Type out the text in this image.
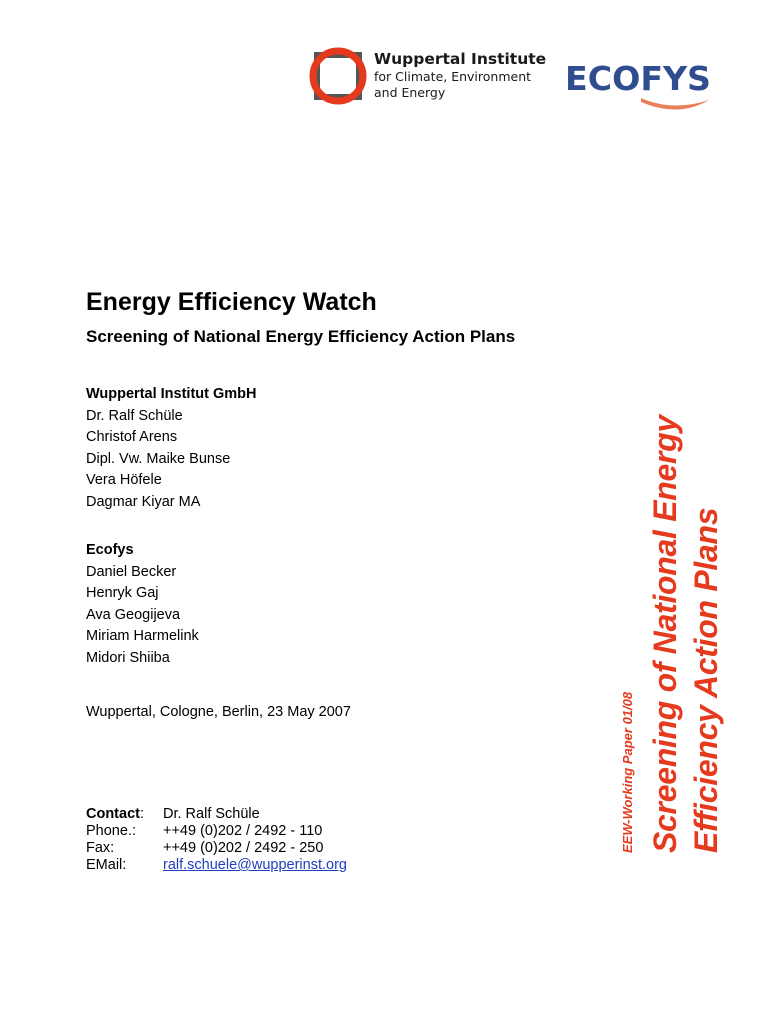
Wuppertal Institute
for Climate, Environment
and Energy	ECOFYS
Energy Efficiency Watch
Screening of National Energy Efficiency Action Plans
Wuppertal Institut GmbH
Dr. Ralf Schüle
Christof Arens
Dipl. Vw. Maike Bunse
Vera Höfele
Dagmar Kiyar MA
Ecofys
Daniel Becker
Henryk Gaj
Ava Geogijeva
Miriam Harmelink
Midori Shiiba
Wuppertal, Cologne, Berlin, 23 May 2007
Contact:	Dr. Ralf Schüle
Phone.:	++49 (0)202 / 2492 - 110
Fax:	++49 (0)202 / 2492 - 250
EMail:	ralf.schuele@wupperinst.org
EEW-Working Paper 01/08 Screening of National Energy Efficiency Action Plans
